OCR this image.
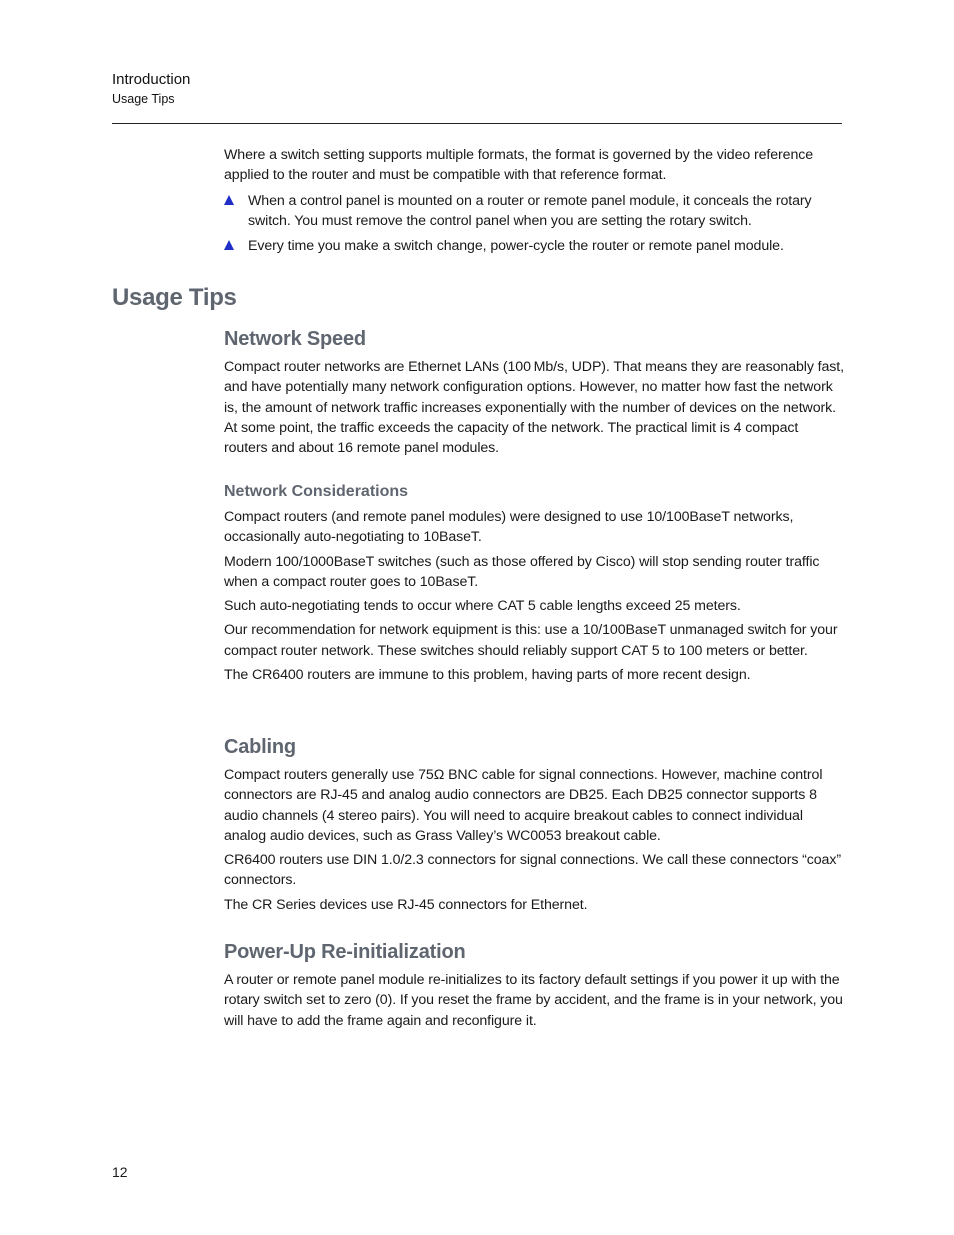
Introduction
Usage Tips

Where a switch setting supports multiple formats, the format is governed by the video reference applied to the router and must be compatible with that reference format.

When a control panel is mounted on a router or remote panel module, it conceals the rotary switch. You must remove the control panel when you are setting the rotary switch.

Every time you make a switch change, power-cycle the router or remote panel module.

Usage Tips
Network Speed

Compact router networks are Ethernet LANs (100 Mb/s, UDP). That means they are reasonably fast, and have potentially many network configuration options. However, no matter how fast the network is, the amount of network traffic increases exponentially with the number of devices on the network. At some point, the traffic exceeds the capacity of the network. The practical limit is 4 compact routers and about 16 remote panel modules.

Network Considerations

Compact routers (and remote panel modules) were designed to use 10/100BaseT networks, occasionally auto-negotiating to 10BaseT.

Modern 100/1000BaseT switches (such as those offered by Cisco) will stop sending router traffic when a compact router goes to 10BaseT.

Such auto-negotiating tends to occur where CAT 5 cable lengths exceed 25 meters.

Our recommendation for network equipment is this: use a 10/100BaseT unmanaged switch for your compact router network. These switches should reliably support CAT 5 to 100 meters or better.

The CR6400 routers are immune to this problem, having parts of more recent design.

Cabling

Compact routers generally use 75Ω BNC cable for signal connections. However, machine control connectors are RJ-45 and analog audio connectors are DB25. Each DB25 connector supports 8 audio channels (4 stereo pairs). You will need to acquire breakout cables to connect individual analog audio devices, such as Grass Valley’s WC0053 breakout cable.

CR6400 routers use DIN 1.0/2.3 connectors for signal connections. We call these connectors “coax” connectors.

The CR Series devices use RJ-45 connectors for Ethernet.

Power-Up Re-initialization

A router or remote panel module re-initializes to its factory default settings if you power it up with the rotary switch set to zero (0). If you reset the frame by accident, and the frame is in your network, you will have to add the frame again and reconfigure it.

12
